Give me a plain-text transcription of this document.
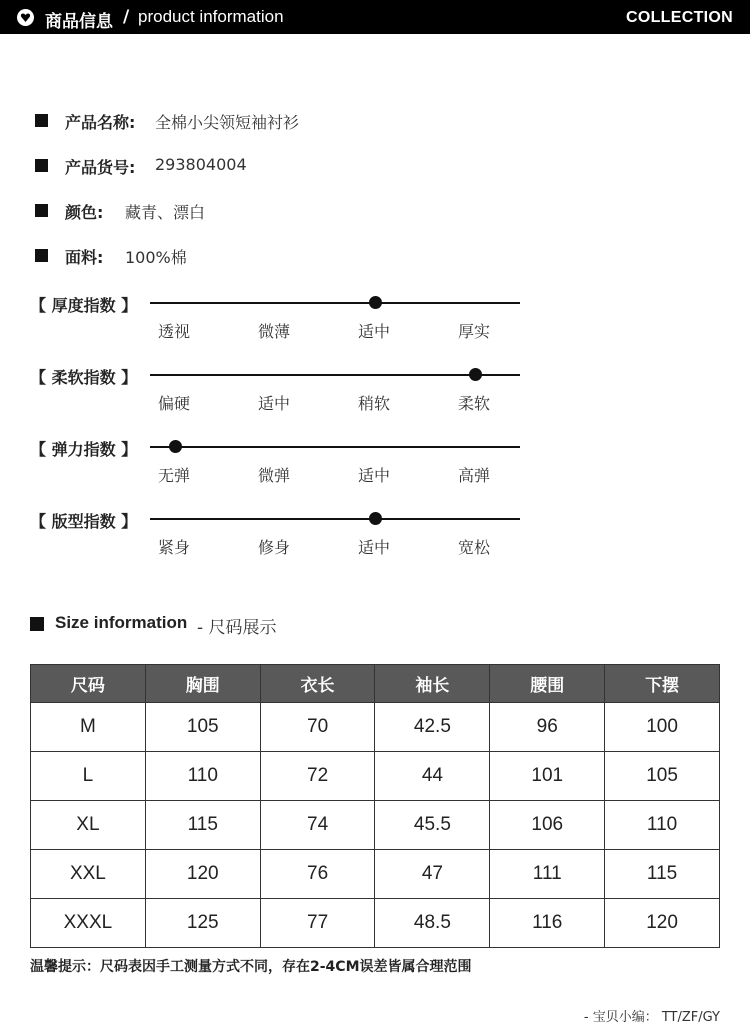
商品信息 / product information	COLLECTION
产品名称: 全棉小尖领短袖衬衫
产品货号: 293804004
颜色: 藏青、漂白
面料: 100%棉
【 厚度指数 】
透视	微薄	适中	厚实
【 柔软指数 】
偏硬	适中	稍软	柔软
【 弹力指数 】
无弹	微弹	适中	高弹
【 版型指数 】
紧身	修身	适中	宽松
Size information - 尺码展示
尺码	胸围	衣长	袖长	腰围	下摆
M	105	70	42.5	96	100
L	110	72	44	101	105
XL	115	74	45.5	106	110
XXL	120	76	47	111	115
XXXL	125	77	48.5	116	120
温馨提示：尺码表因手工测量方式不同，存在2-4CM误差皆属合理范围
- 宝贝小编： TT/ZF/GY
